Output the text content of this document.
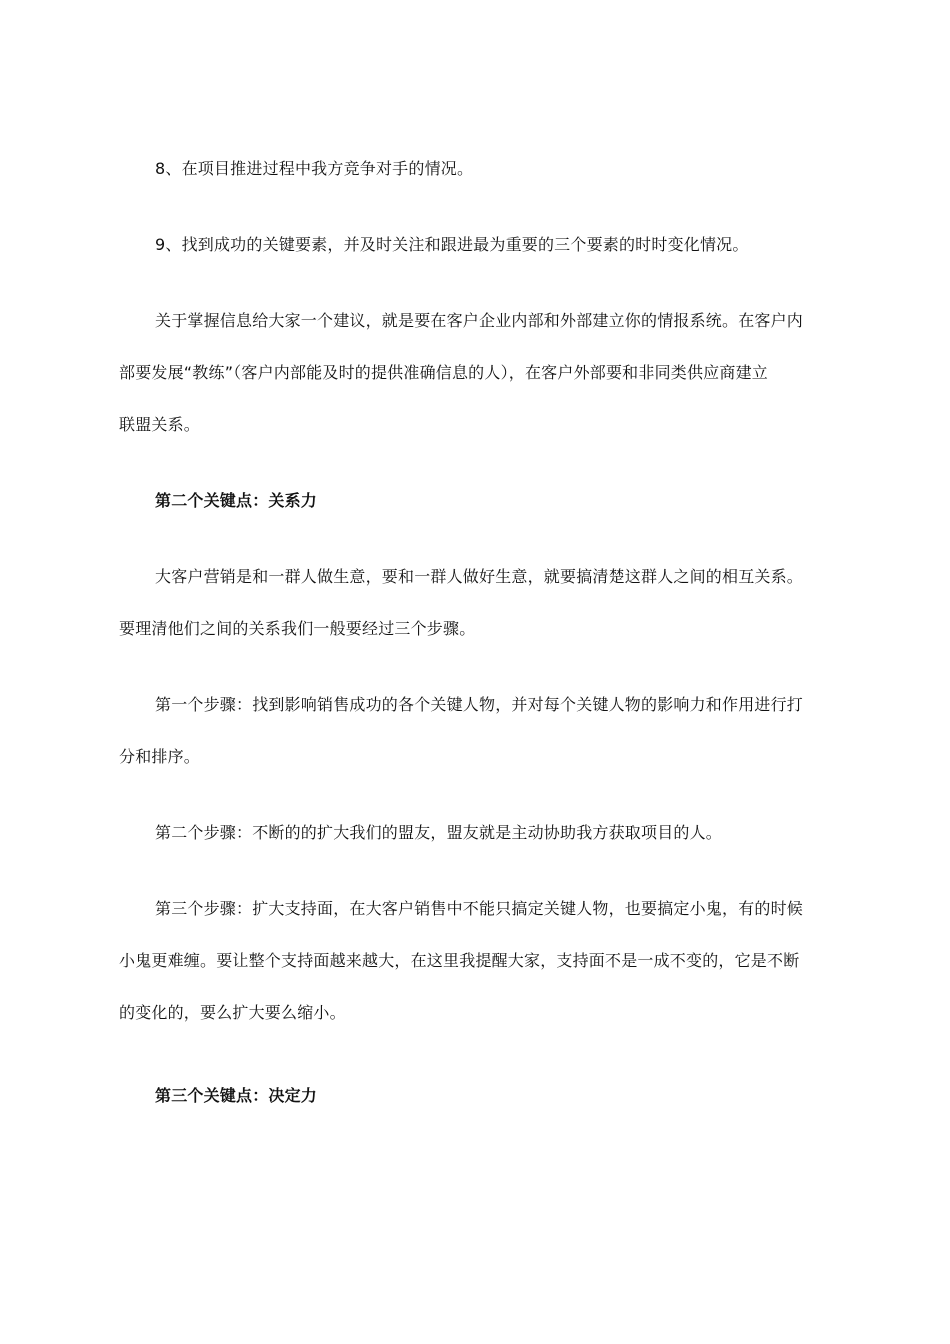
8、在项目推进过程中我方竞争对手的情况。

9、找到成功的关键要素，并及时关注和跟进最为重要的三个要素的时时变化情况。

关于掌握信息给大家一个建议，就是要在客户企业内部和外部建立你的情报系统。在客户内

部要发展“教练”（客户内部能及时的提供准确信息的人），在客户外部要和非同类供应商建立

联盟关系。

第二个关键点：关系力

大客户营销是和一群人做生意，要和一群人做好生意，就要搞清楚这群人之间的相互关系。

要理清他们之间的关系我们一般要经过三个步骤。

第一个步骤：找到影响销售成功的各个关键人物，并对每个关键人物的影响力和作用进行打

分和排序。

第二个步骤：不断的的扩大我们的盟友，盟友就是主动协助我方获取项目的人。

第三个步骤：扩大支持面，在大客户销售中不能只搞定关键人物，也要搞定小鬼，有的时候

小鬼更难缠。要让整个支持面越来越大，在这里我提醒大家，支持面不是一成不变的，它是不断

的变化的，要么扩大要么缩小。

第三个关键点：决定力
